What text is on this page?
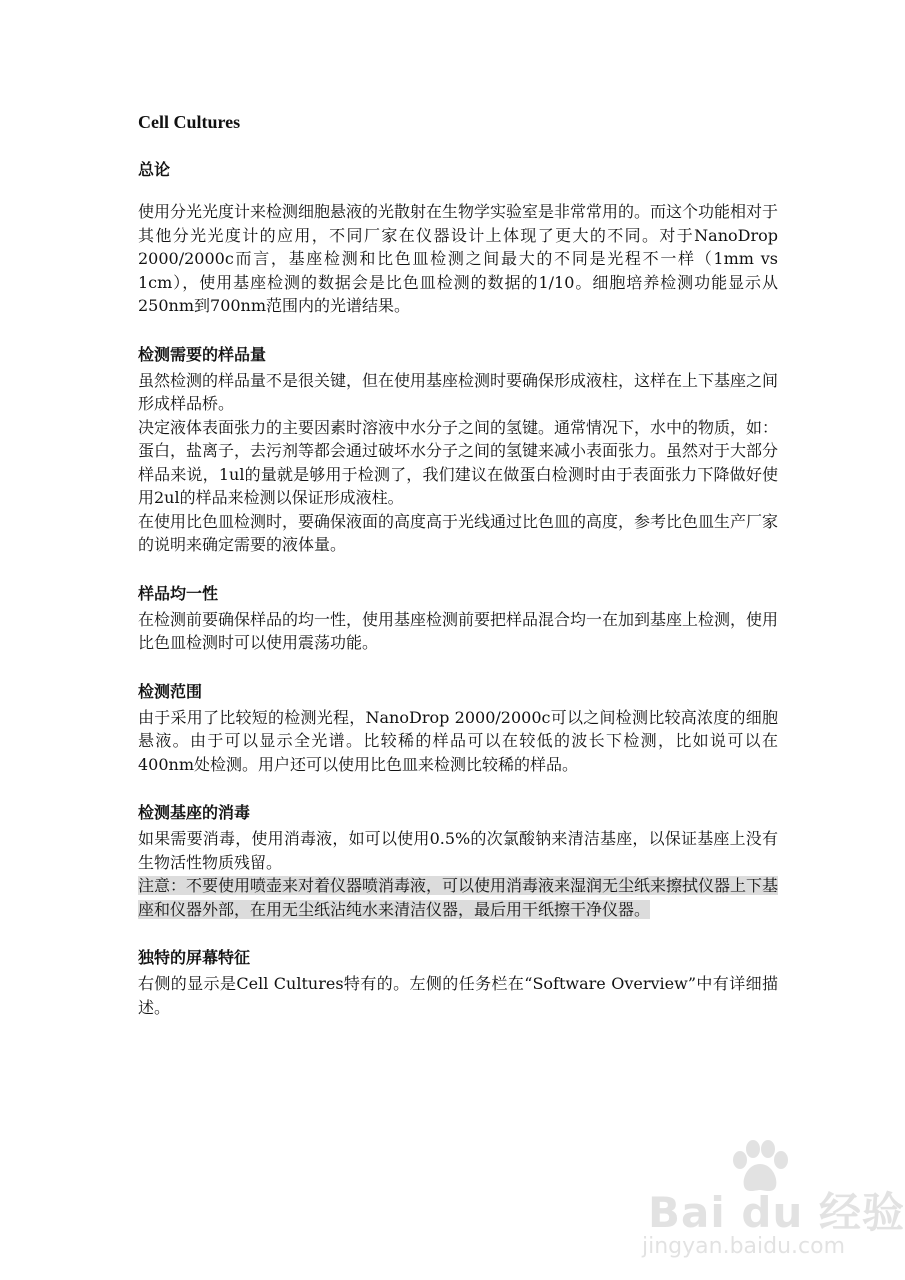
Cell Cultures
总论

使用分光光度计来检测细胞悬液的光散射在生物学实验室是非常常用的。而这个功能相对于其他分光光度计的应用，不同厂家在仪器设计上体现了更大的不同。对于NanoDrop 2000/2000c而言，基座检测和比色皿检测之间最大的不同是光程不一样（1mm vs 1cm），使用基座检测的数据会是比色皿检测的数据的1/10。细胞培养检测功能显示从250nm到700nm范围内的光谱结果。

检测需要的样品量

虽然检测的样品量不是很关键，但在使用基座检测时要确保形成液柱，这样在上下基座之间形成样品桥。

决定液体表面张力的主要因素时溶液中水分子之间的氢键。通常情况下，水中的物质，如：蛋白，盐离子，去污剂等都会通过破坏水分子之间的氢键来减小表面张力。虽然对于大部分样品来说，1ul的量就是够用于检测了，我们建议在做蛋白检测时由于表面张力下降做好使用2ul的样品来检测以保证形成液柱。

在使用比色皿检测时，要确保液面的高度高于光线通过比色皿的高度，参考比色皿生产厂家的说明来确定需要的液体量。

样品均一性

在检测前要确保样品的均一性，使用基座检测前要把样品混合均一在加到基座上检测，使用比色皿检测时可以使用震荡功能。

检测范围

由于采用了比较短的检测光程，NanoDrop 2000/2000c可以之间检测比较高浓度的细胞悬液。由于可以显示全光谱。比较稀的样品可以在较低的波长下检测，比如说可以在400nm处检测。用户还可以使用比色皿来检测比较稀的样品。

检测基座的消毒

如果需要消毒，使用消毒液，如可以使用0.5%的次氯酸钠来清洁基座，以保证基座上没有生物活性物质残留。

注意：不要使用喷壶来对着仪器喷消毒液，可以使用消毒液来湿润无尘纸来擦拭仪器上下基座和仪器外部，在用无尘纸沾纯水来清洁仪器，最后用干纸擦干净仪器。

独特的屏幕特征

右侧的显示是Cell Cultures特有的。左侧的任务栏在“Software Overview”中有详细描述。

Bai du 经验
jingyan.baidu.com
